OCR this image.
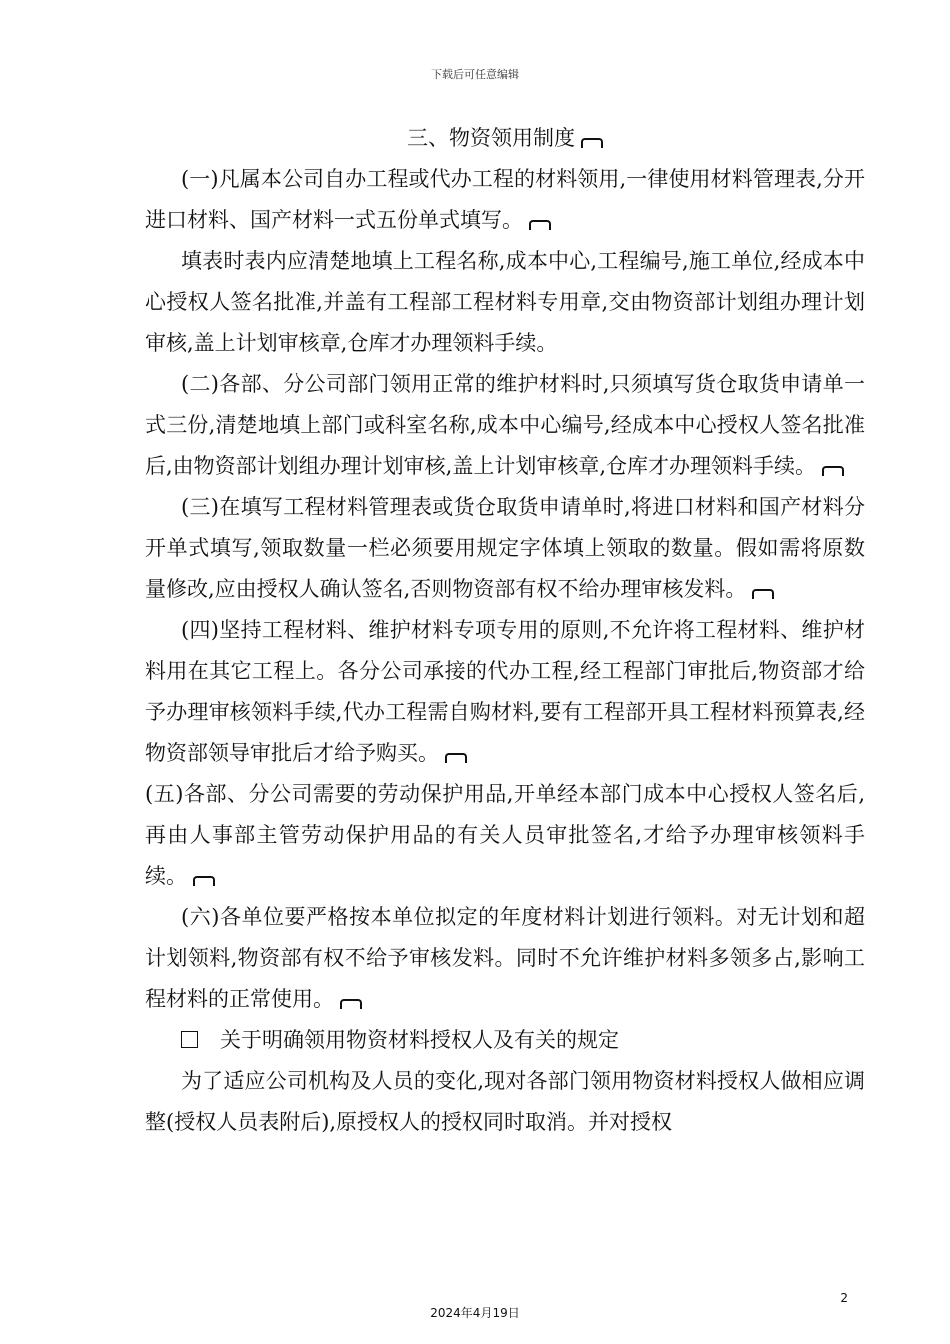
下载后可任意编辑

三、物资领用制度

(一)凡属本公司自办工程或代办工程的材料领用,一律使用材料管理表,分开进口材料、国产材料一式五份单式填写。

填表时表内应清楚地填上工程名称,成本中心,工程编号,施工单位,经成本中心授权人签名批准,并盖有工程部工程材料专用章,交由物资部计划组办理计划审核,盖上计划审核章,仓库才办理领料手续。

(二)各部、分公司部门领用正常的维护材料时,只须填写货仓取货申请单一式三份,清楚地填上部门或科室名称,成本中心编号,经成本中心授权人签名批准后,由物资部计划组办理计划审核,盖上计划审核章,仓库才办理领料手续。

(三)在填写工程材料管理表或货仓取货申请单时,将进口材料和国产材料分开单式填写,领取数量一栏必须要用规定字体填上领取的数量。假如需将原数量修改,应由授权人确认签名,否则物资部有权不给办理审核发料。

(四)坚持工程材料、维护材料专项专用的原则,不允许将工程材料、维护材料用在其它工程上。各分公司承接的代办工程,经工程部门审批后,物资部才给予办理审核领料手续,代办工程需自购材料,要有工程部开具工程材料预算表,经物资部领导审批后才给予购买。

(五)各部、分公司需要的劳动保护用品,开单经本部门成本中心授权人签名后,再由人事部主管劳动保护用品的有关人员审批签名,才给予办理审核领料手续。

(六)各单位要严格按本单位拟定的年度材料计划进行领料。对无计划和超计划领料,物资部有权不给予审核发料。同时不允许维护材料多领多占,影响工程材料的正常使用。

关于明确领用物资材料授权人及有关的规定

为了适应公司机构及人员的变化,现对各部门领用物资材料授权人做相应调整(授权人员表附后),原授权人的授权同时取消。并对授权

2
2024年4月19日
